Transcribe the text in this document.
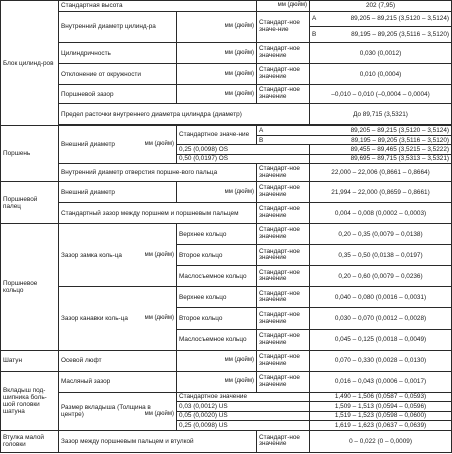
Блок цилинд-ров	Стандартная высота		мм (дюйм)	202 (7,95)
	Внутренний диаметр цилинд-ра	мм (дюйм)	Стандарт-ное значе-ние	A 89,205 – 89,215 (3,5120 – 3,5124)

				B 89,195 – 89,205 (3,5116 – 3,5120)

	Цилиндричность	мм (дюйм)	Стандарт-ное значение	0,030 (0,0012)
	Отклонение от окружности	мм (дюйм)	Стандарт-ное значение	0,010 (0,0004)
	Поршневой зазор	мм (дюйм)	Стандарт-ное значение	–0,010 – 0,010 (–0,0004 – 0,0004)
	Предел расточки внутреннего диаметра цилиндра (диаметр)			До 89,715 (3,5321)

Поршень	Внешний диаметр мм (дюйм)	Стандартное значе-ние	A 89,205 – 89,215 (3,5120 – 3,5124)	

			B 89,195 – 89,205 (3,5116 – 3,5120)	

		0,25 (0,0098) OS		89,455 – 89,465 (3,5215 – 3,5222)
		0,50 (0,0197) OS		89,695 – 89,715 (3,5313 – 3,5321)
	Внутренний диаметр отверстия поршне-вого пальца		Стандарт-ное значение	22,000 – 22,006 (0,8661 – 0,8664)
Поршневой палец	Внешний диаметр	мм (дюйм)	Стандарт-ное значение	21,994 – 22,000 (0,8659 – 0,8661)
	Стандартный зазор между поршнем и поршневым пальцем		Стандарт-ное значение	0,004 – 0,008 (0,0002 – 0,0003)
Поршневое кольцо	Зазор замка коль-ца мм (дюйм)	Верхнее кольцо	Стандарт-ное значение	0,20 – 0,35 (0,0079 – 0,0138)
		Второе кольцо	Стандарт-ное значение	0,35 – 0,50 (0,0138 – 0,0197)
		Маслосъемное кольцо	Стандарт-ное значение	0,20 – 0,60 (0,0079 – 0,0236)
	Зазор канавки коль-ца мм (дюйм)	Верхнее кольцо	Стандарт-ное значение	0,040 – 0,080 (0,0016 – 0,0031)
		Второе кольцо	Стандарт-ное значение	0,030 – 0,070 (0,0012 – 0,0028)
		Маслосъемное кольцо	Стандарт-ное значение	0,045 – 0,125 (0,0018 – 0,0049)
Шатун	Осевой люфт	мм (дюйм)	Стандарт-ное значение	0,070 – 0,330 (0,0028 – 0,0130)
Вкладыш под-шипника боль-шой головки шатуна	Масляный зазор	мм (дюйм)	Стандарт-ное значение	0,016 – 0,043 (0,0006 – 0,0017)
	Размер вкладыша (Толщина в центре) мм (дюйм)	Стандартное значение		1,490 – 1,506 (0,0587 – 0,0593)
		0,03 (0,0012) US		1,509 – 1,513 (0,0594 – 0,0596)
		0,05 (0,0020) US		1,519 – 1,523 (0,0598 – 0,0600)
		0,25 (0,0098) US		1,619 – 1,623 (0,0637 – 0,0639)
Втулка малой головки	Зазор между поршневым пальцем и втулкой		Стандарт-ное значение	0 – 0,022 (0 – 0,0009)
